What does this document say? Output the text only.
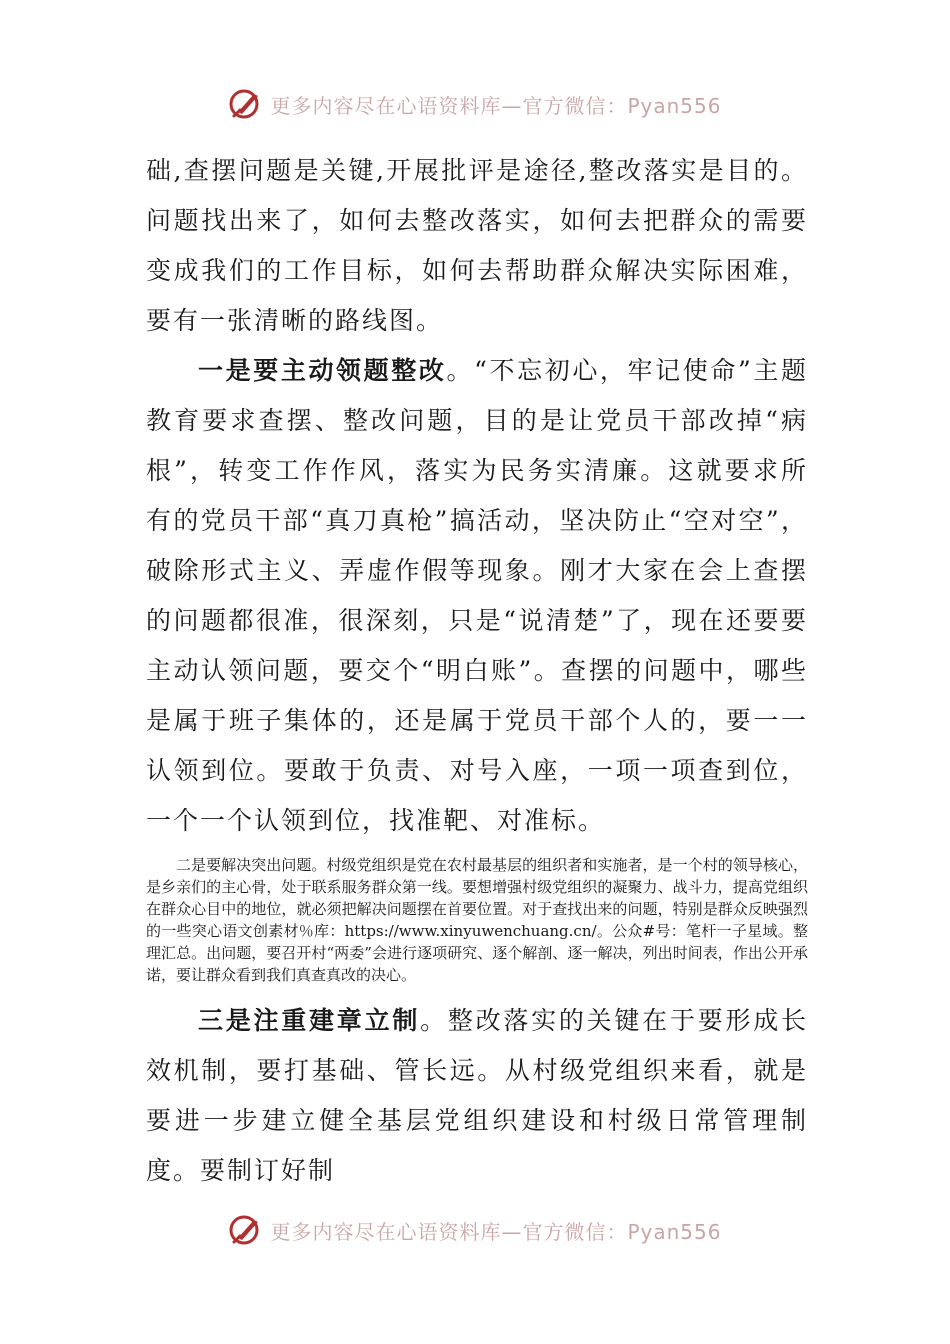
更多内容尽在心语资料库—官方微信：Pyan556

础,查摆问题是关键,开展批评是途径,整改落实是目的。问题找出来了，如何去整改落实，如何去把群众的需要变成我们的工作目标，如何去帮助群众解决实际困难，要有一张清晰的路线图。

一是要主动领题整改。“不忘初心，牢记使命”主题教育要求查摆、整改问题，目的是让党员干部改掉“病根”，转变工作作风，落实为民务实清廉。这就要求所有的党员干部“真刀真枪”搞活动，坚决防止“空对空”，破除形式主义、弄虚作假等现象。刚才大家在会上查摆的问题都很准，很深刻，只是“说清楚”了，现在还要要主动认领问题，要交个“明白账”。查摆的问题中，哪些是属于班子集体的，还是属于党员干部个人的，要一一认领到位。要敢于负责、对号入座，一项一项查到位，一个一个认领到位，找准靶、对准标。

二是要解决突出问题。村级党组织是党在农村最基层的组织者和实施者，是一个村的领导核心，是乡亲们的主心骨，处于联系服务群众第一线。要想增强村级党组织的凝聚力、战斗力，提高党组织在群众心目中的地位，就必须把解决问题摆在首要位置。对于查找出来的问题，特别是群众反映强烈的一些突心语文创素材％库：https://www.xinyuwenchuang.cn/。公众#号：笔杆一子星域。整理汇总。出问题，要召开村“两委”会进行逐项研究、逐个解剖、逐一解决，列出时间表，作出公开承诺，要让群众看到我们真查真改的决心。

三是注重建章立制。整改落实的关键在于要形成长效机制，要打基础、管长远。从村级党组织来看，就是要进一步建立健全基层党组织建设和村级日常管理制度。要制订好制

更多内容尽在心语资料库—官方微信：Pyan556
